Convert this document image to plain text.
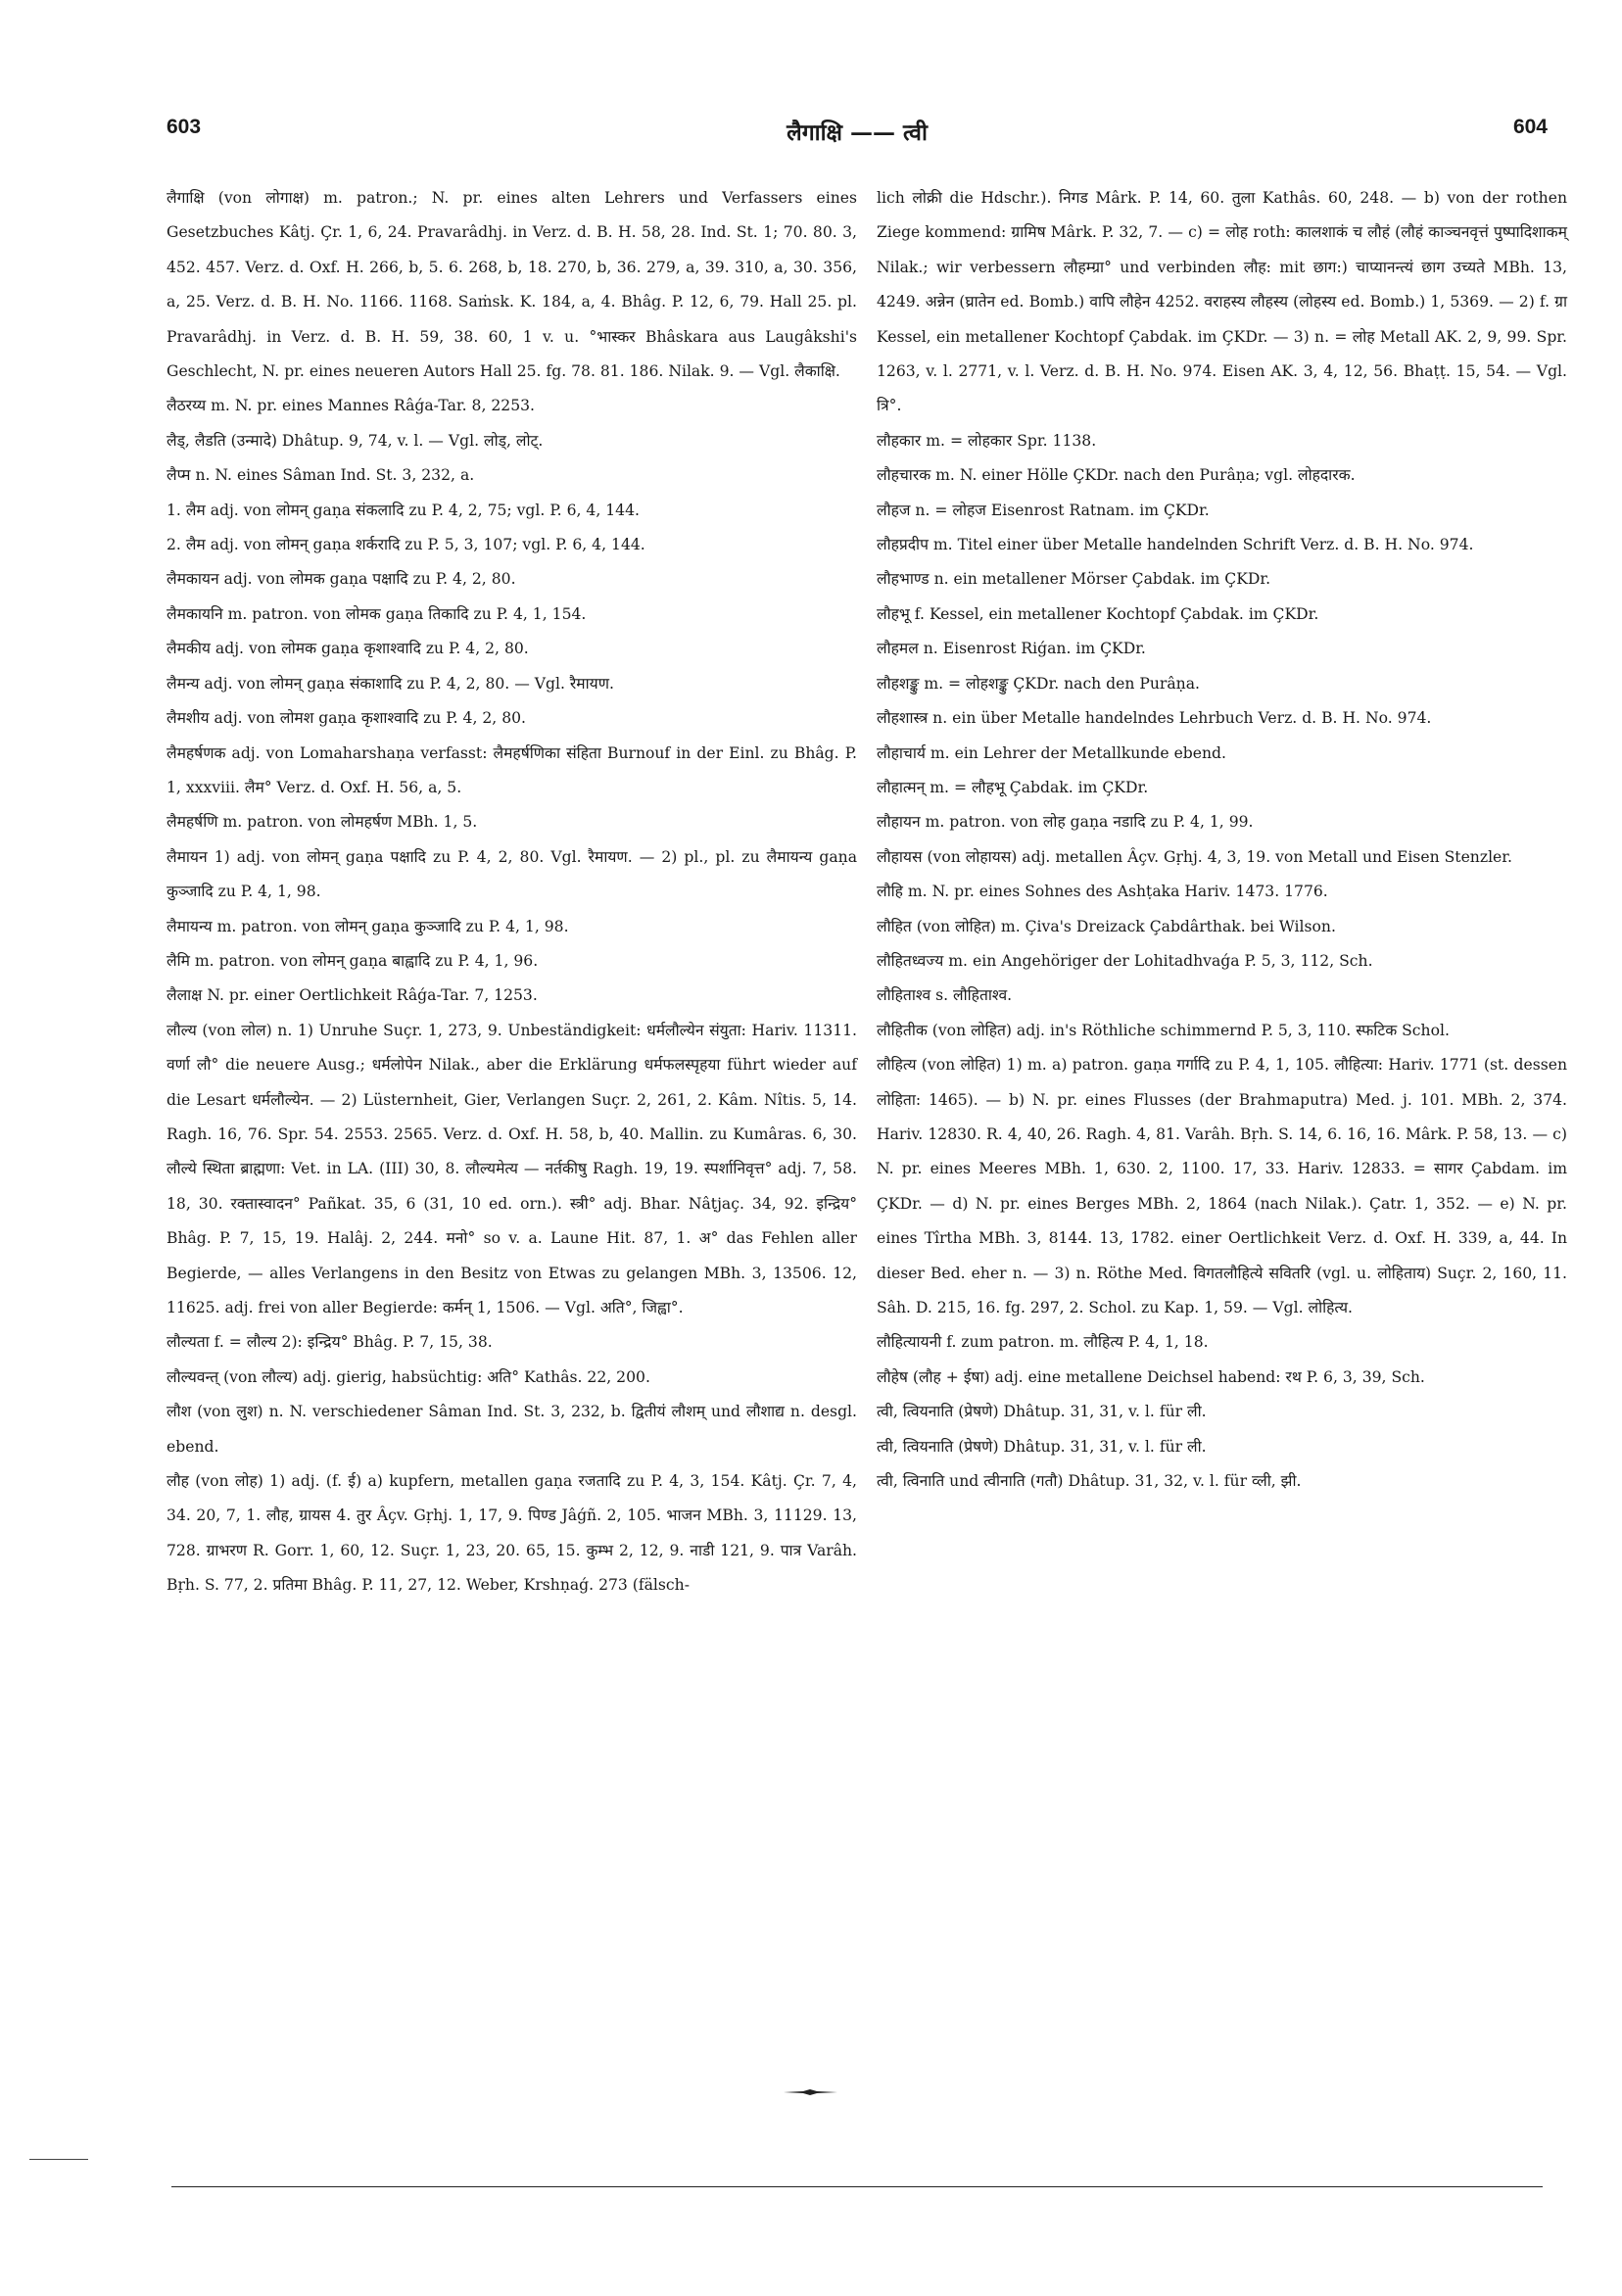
603	लैगाक्षि —— त्वी	604

लैगाक्षि (von लोगाक्ष) m. patron.; N. pr. eines alten Lehrers und Verfassers eines Gesetzbuches Kâtj. Çr. 1, 6, 24. Pravarâdhj. in Verz. d. B. H. 58, 28. Ind. St. 1; 70. 80. 3, 452. 457. Verz. d. Oxf. H. 266, b, 5. 6. 268, b, 18. 270, b, 36. 279, a, 39. 310, a, 30. 356, a, 25. Verz. d. B. H. No. 1166. 1168. Saṁsk. K. 184, a, 4. Bhâg. P. 12, 6, 79. Hall 25. pl. Pravarâdhj. in Verz. d. B. H. 59, 38. 60, 1 v. u. °भास्कर Bhâskara aus Laugâkshi's Geschlecht, N. pr. eines neueren Autors Hall 25. fg. 78. 81. 186. Nilak. 9. — Vgl. लैकाक्षि.

लैठरय्य m. N. pr. eines Mannes Râǵa-Tar. 8, 2253.

लैड्, लैडति (उन्मादे) Dhâtup. 9, 74, v. l. — Vgl. लोड्, लोट्.

लैप्म n. N. eines Sâman Ind. St. 3, 232, a.

1. लैम adj. von लोमन् gaṇa संकलादि zu P. 4, 2, 75; vgl. P. 6, 4, 144.

2. लैम adj. von लोमन् gaṇa शर्करादि zu P. 5, 3, 107; vgl. P. 6, 4, 144.

लैमकायन adj. von लोमक gaṇa पक्षादि zu P. 4, 2, 80.

लैमकायनि m. patron. von लोमक gaṇa तिकादि zu P. 4, 1, 154.

लैमकीय adj. von लोमक gaṇa कृशाश्वादि zu P. 4, 2, 80.

लैमन्य adj. von लोमन् gaṇa संकाशादि zu P. 4, 2, 80. — Vgl. रैमायण.

लैमशीय adj. von लोमश gaṇa कृशाश्वादि zu P. 4, 2, 80.

लैमहर्षणक adj. von Lomaharshaṇa verfasst: लैमहर्षणिका संहिता Burnouf in der Einl. zu Bhâg. P. 1, xxxviii. लैम° Verz. d. Oxf. H. 56, a, 5.

लैमहर्षणि m. patron. von लोमहर्षण MBh. 1, 5.

लैमायन 1) adj. von लोमन् gaṇa पक्षादि zu P. 4, 2, 80. Vgl. रैमायण. — 2) pl., pl. zu लैमायन्य gaṇa कुञ्जादि zu P. 4, 1, 98.

लैमायन्य m. patron. von लोमन् gaṇa कुञ्जादि zu P. 4, 1, 98.

लैमि m. patron. von लोमन् gaṇa बाह्वादि zu P. 4, 1, 96.

लैलाक्ष N. pr. einer Oertlichkeit Râǵa-Tar. 7, 1253.

लौल्य (von लोल) n. 1) Unruhe Suçr. 1, 273, 9. Unbeständigkeit: धर्मलौल्येन संयुता: Hariv. 11311. वर्णा लौ° die neuere Ausg.; धर्मलोपेन Nilak., aber die Erklärung धर्मफलस्पृहया führt wieder auf die Lesart धर्मलौल्येन. — 2) Lüsternheit, Gier, Verlangen Suçr. 2, 261, 2. Kâm. Nîtis. 5, 14. Ragh. 16, 76. Spr. 54. 2553. 2565. Verz. d. Oxf. H. 58, b, 40. Mallin. zu Kumâras. 6, 30. लौल्ये स्थिता ब्राह्मणा: Vet. in LA. (III) 30, 8. लौल्यमेत्य — नर्तकीषु Ragh. 19, 19. स्पर्शानिवृत्त° adj. 7, 58. 18, 30. रक्तास्वादन° Pañkat. 35, 6 (31, 10 ed. orn.). स्त्री° adj. Bhar. Nâṭjaç. 34, 92. इन्द्रिय° Bhâg. P. 7, 15, 19. Halâj. 2, 244. मनो° so v. a. Laune Hit. 87, 1. अ° das Fehlen aller Begierde, — alles Verlangens in den Besitz von Etwas zu gelangen MBh. 3, 13506. 12, 11625. adj. frei von aller Begierde: कर्मन् 1, 1506. — Vgl. अति°, जिह्वा°.

लौल्यता f. = लौल्य 2): इन्द्रिय° Bhâg. P. 7, 15, 38.

लौल्यवन्त् (von लौल्य) adj. gierig, habsüchtig: अति° Kathâs. 22, 200.

लौश (von लुश) n. N. verschiedener Sâman Ind. St. 3, 232, b. द्वितीयं लौशम् und लौशाद्य n. desgl. ebend.

लौह (von लोह) 1) adj. (f. ई) a) kupfern, metallen gaṇa रजतादि zu P. 4, 3, 154. Kâtj. Çr. 7, 4, 34. 20, 7, 1. लौह, ग्रायस 4. तुर Âçv. Gṛhj. 1, 17, 9. पिण्ड Jâǵñ. 2, 105. भाजन MBh. 3, 11129. 13, 728. ग्राभरण R. Gorr. 1, 60, 12. Suçr. 1, 23, 20. 65, 15. कुम्भ 2, 12, 9. नाडी 121, 9. पात्र Varâh. Bṛh. S. 77, 2. प्रतिमा Bhâg. P. 11, 27, 12. Weber, Krshṇaǵ. 273 (fälsch-

lich लोक्री die Hdschr.). निगड Mârk. P. 14, 60. तुला Kathâs. 60, 248. — b) von der rothen Ziege kommend: ग्रामिष Mârk. P. 32, 7. — c) = लोह roth: कालशाकं च लौहं (लौहं काञ्चनवृत्तं पुष्पादिशाकम् Nilak.; wir verbessern लौहम्ग्रा° und verbinden लौह: mit छाग:) चाप्यानन्त्यं छाग उच्यते MBh. 13, 4249. अन्नेन (घ्रातेन ed. Bomb.) वापि लौहेन 4252. वराहस्य लौहस्य (लोहस्य ed. Bomb.) 1, 5369. — 2) f. ग्रा Kessel, ein metallener Kochtopf Çabdak. im ÇKDr. — 3) n. = लोह Metall AK. 2, 9, 99. Spr. 1263, v. l. 2771, v. l. Verz. d. B. H. No. 974. Eisen AK. 3, 4, 12, 56. Bhaṭṭ. 15, 54. — Vgl. त्रि°.

लौहकार m. = लोहकार Spr. 1138.

लौहचारक m. N. einer Hölle ÇKDr. nach den Purâṇa; vgl. लोहदारक.

लौहज n. = लोहज Eisenrost Ratnam. im ÇKDr.

लौहप्रदीप m. Titel einer über Metalle handelnden Schrift Verz. d. B. H. No. 974.

लौहभाण्ड n. ein metallener Mörser Çabdak. im ÇKDr.

लौहभू f. Kessel, ein metallener Kochtopf Çabdak. im ÇKDr.

लौहमल n. Eisenrost Riǵan. im ÇKDr.

लौहशङ्कु m. = लोहशङ्कु ÇKDr. nach den Purâṇa.

लौहशास्त्र n. ein über Metalle handelndes Lehrbuch Verz. d. B. H. No. 974.

लौहाचार्य m. ein Lehrer der Metallkunde ebend.

लौहात्मन् m. = लौहभू Çabdak. im ÇKDr.

लौहायन m. patron. von लोह gaṇa नडादि zu P. 4, 1, 99.

लौहायस (von लोहायस) adj. metallen Âçv. Gṛhj. 4, 3, 19. von Metall und Eisen Stenzler.

लौहि m. N. pr. eines Sohnes des Ashṭaka Hariv. 1473. 1776.

लौहित (von लोहित) m. Çiva's Dreizack Çabdârthak. bei Wilson.

लौहितध्वज्य m. ein Angehöriger der Lohitadhvaǵa P. 5, 3, 112, Sch.

लौहिताश्व s. लौहिताश्व.

लौहितीक (von लोहित) adj. in's Röthliche schimmernd P. 5, 3, 110. स्फटिक Schol.

लौहित्य (von लोहित) 1) m. a) patron. gaṇa गर्गादि zu P. 4, 1, 105. लौहित्या: Hariv. 1771 (st. dessen लोहिता: 1465). — b) N. pr. eines Flusses (der Brahmaputra) Med. j. 101. MBh. 2, 374. Hariv. 12830. R. 4, 40, 26. Ragh. 4, 81. Varâh. Bṛh. S. 14, 6. 16, 16. Mârk. P. 58, 13. — c) N. pr. eines Meeres MBh. 1, 630. 2, 1100. 17, 33. Hariv. 12833. = सागर Çabdam. im ÇKDr. — d) N. pr. eines Berges MBh. 2, 1864 (nach Nilak.). Çatr. 1, 352. — e) N. pr. eines Tîrtha MBh. 3, 8144. 13, 1782. einer Oertlichkeit Verz. d. Oxf. H. 339, a, 44. In dieser Bed. eher n. — 3) n. Röthe Med. विगतलौहित्ये सवितरि (vgl. u. लोहिताय) Suçr. 2, 160, 11. Sâh. D. 215, 16. fg. 297, 2. Schol. zu Kap. 1, 59. — Vgl. लोहित्य.

लौहित्यायनी f. zum patron. m. लौहित्य P. 4, 1, 18.

लौहेष (लौह + ईषा) adj. eine metallene Deichsel habend: रथ P. 6, 3, 39, Sch.

त्वी, त्वियनाति (प्रेषणे) Dhâtup. 31, 31, v. l. für ली.

त्वी, त्वियनाति (प्रेषणे) Dhâtup. 31, 31, v. l. für ली.

त्वी, त्विनाति und त्वीनाति (गतौ) Dhâtup. 31, 32, v. l. für व्ली, झी.
